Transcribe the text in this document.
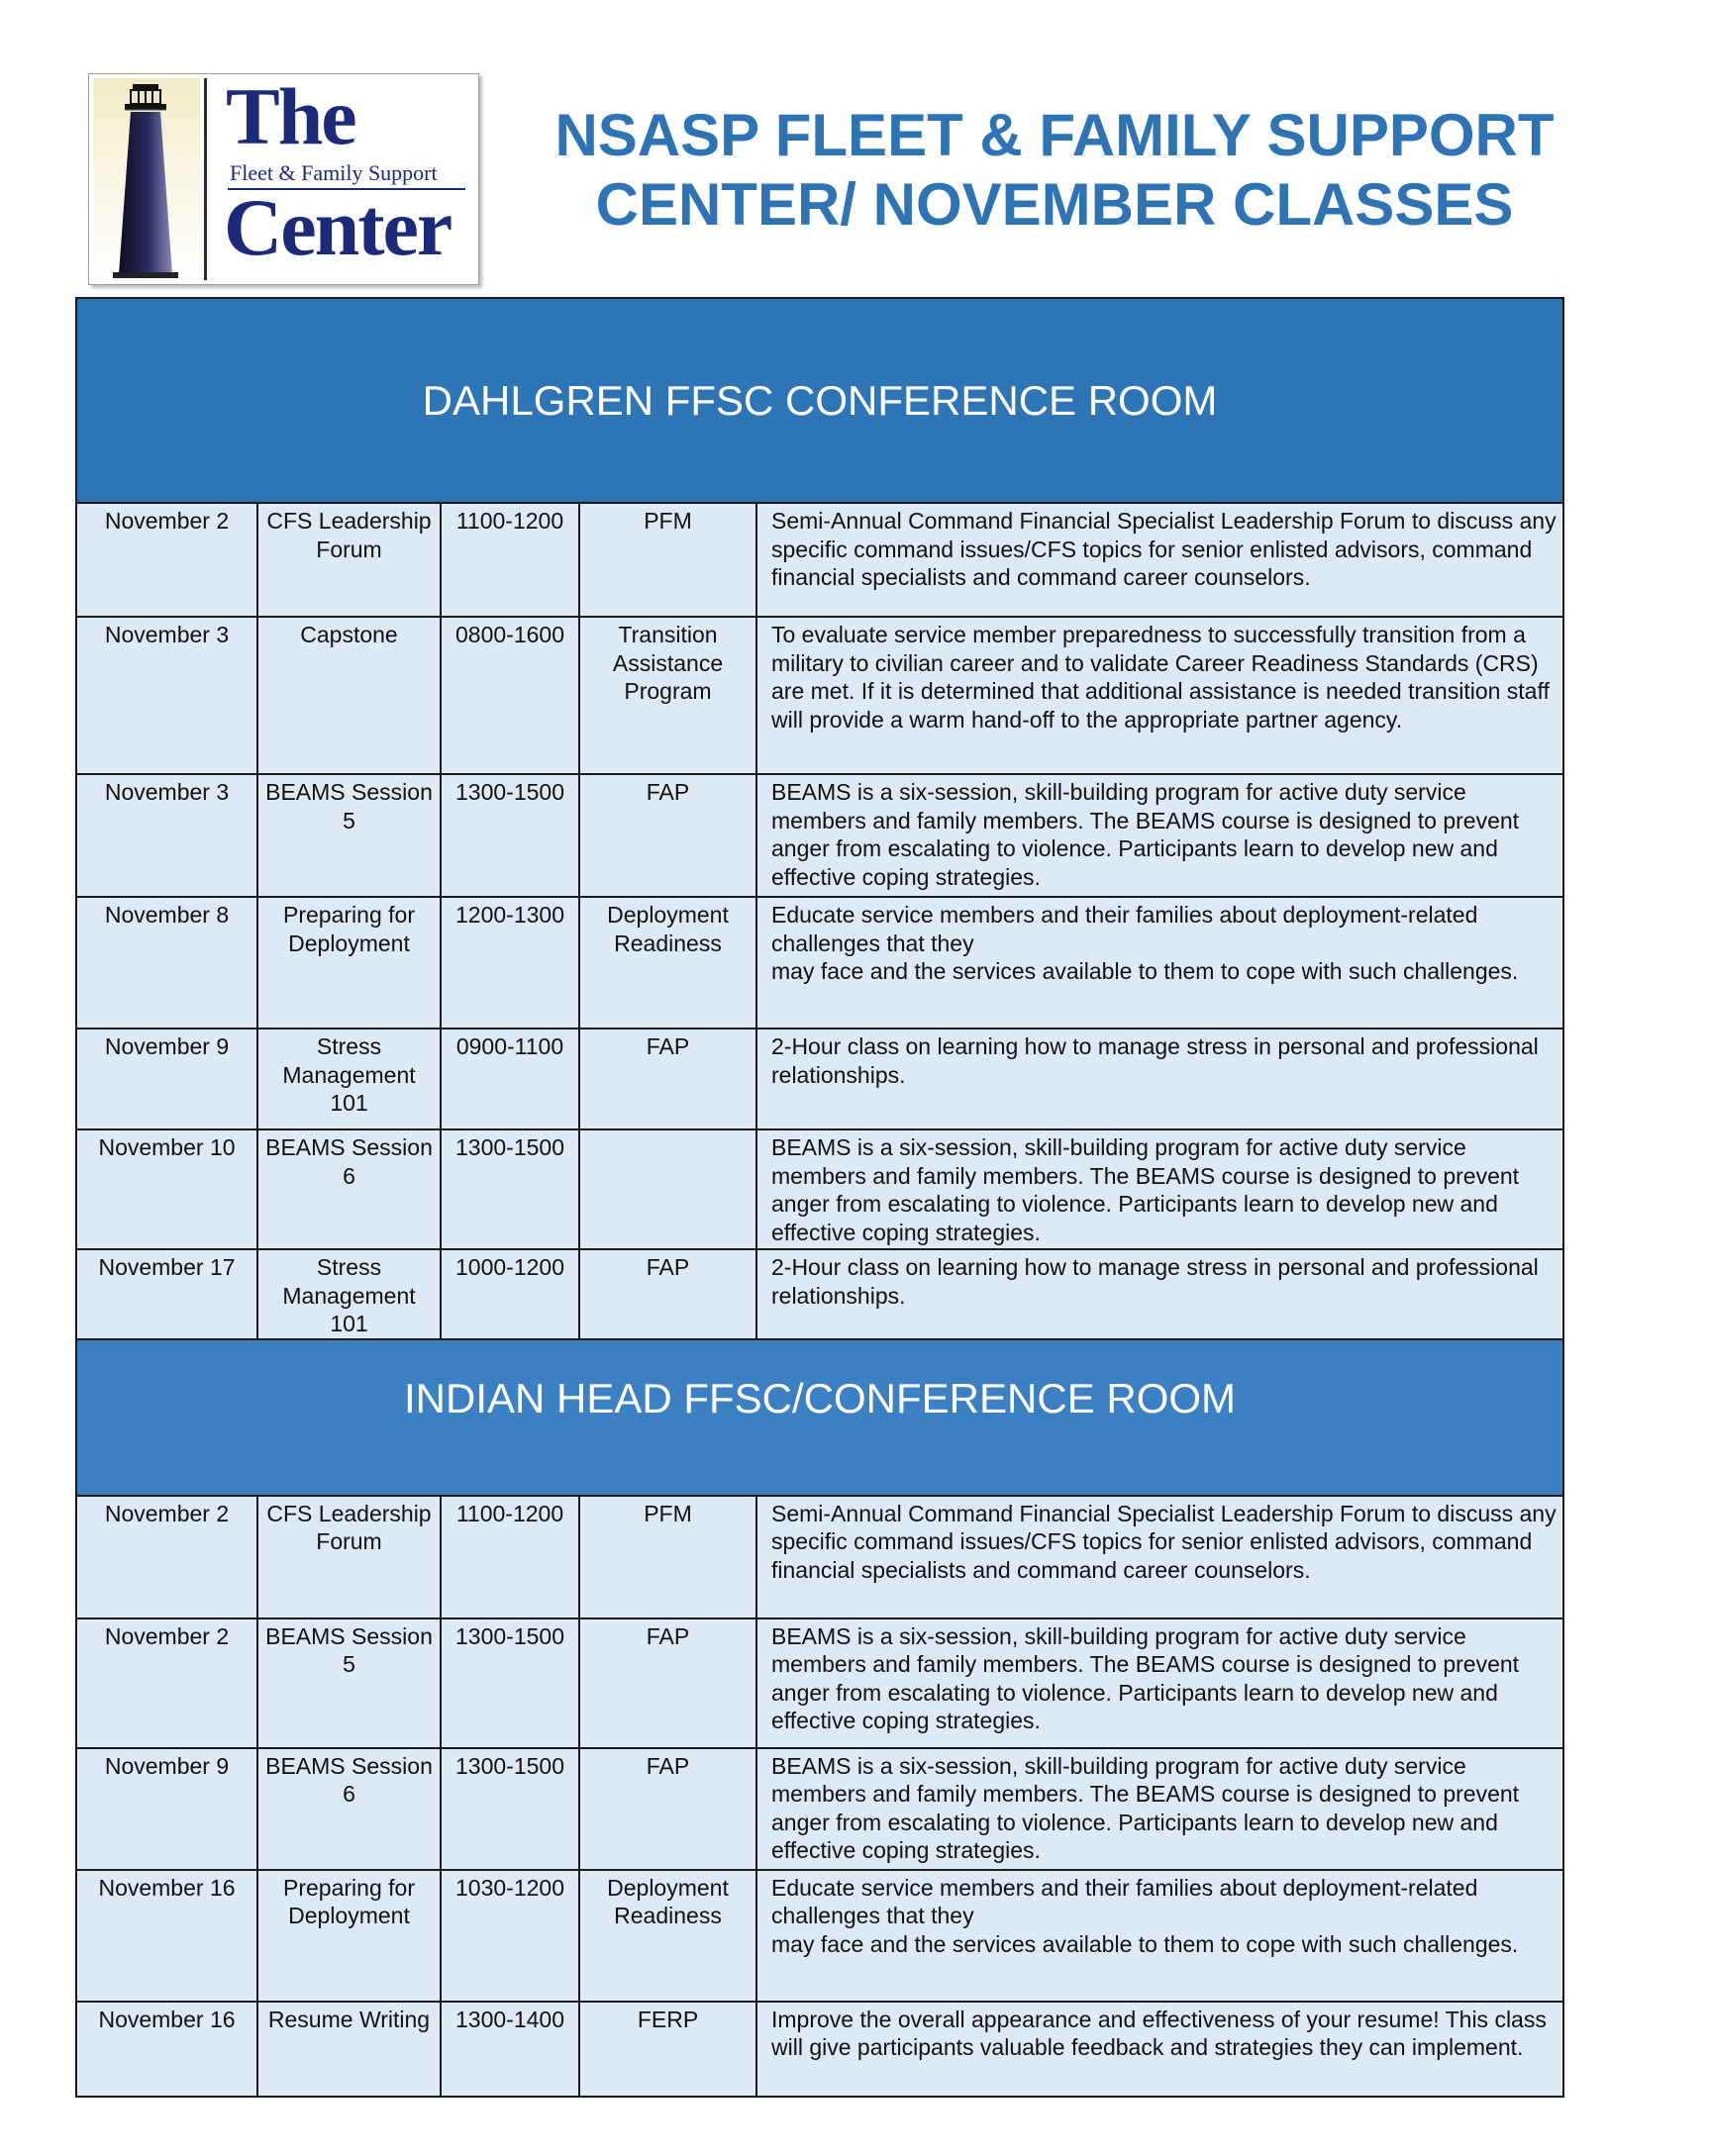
The
Fleet & Family Support
Center
NSASP FLEET & FAMILY SUPPORT
CENTER/ NOVEMBER CLASSES
DAHLGREN FFSC CONFERENCE ROOM				

November 2	CFS Leadership Forum	1100-1200	PFM	Semi-Annual Command Financial Specialist Leadership Forum to discuss any specific command issues/CFS topics for senior enlisted advisors, command financial specialists and command career counselors.
November 3	Capstone	0800-1600	Transition Assistance Program	To evaluate service member preparedness to successfully transition from a military to civilian career and to validate Career Readiness Standards (CRS) are met. If it is determined that additional assistance is needed transition staff will provide a warm hand-off to the appropriate partner agency.
November 3	BEAMS Session 5	1300-1500	FAP	BEAMS is a six-session, skill-building program for active duty service members and family members. The BEAMS course is designed to prevent anger from escalating to violence. Participants learn to develop new and effective coping strategies.
November 8	Preparing for Deployment	1200-1300	Deployment Readiness	Educate service members and their families about deployment-related challenges that they
may face and the services available to them to cope with such challenges.
November 9	Stress Management 101	0900-1100	FAP	2-Hour class on learning how to manage stress in personal and professional relationships.
November 10	BEAMS Session 6	1300-1500		BEAMS is a six-session, skill-building program for active duty service members and family members. The BEAMS course is designed to prevent anger from escalating to violence. Participants learn to develop new and effective coping strategies.
November 17	Stress Management 101	1000-1200	FAP	2-Hour class on learning how to manage stress in personal and professional relationships.

INDIAN HEAD FFSC/CONFERENCE ROOM				

November 2	CFS Leadership Forum	1100-1200	PFM	Semi-Annual Command Financial Specialist Leadership Forum to discuss any specific command issues/CFS topics for senior enlisted advisors, command financial specialists and command career counselors.
November 2	BEAMS Session 5	1300-1500	FAP	BEAMS is a six-session, skill-building program for active duty service members and family members. The BEAMS course is designed to prevent anger from escalating to violence. Participants learn to develop new and effective coping strategies.
November 9	BEAMS Session 6	1300-1500	FAP	BEAMS is a six-session, skill-building program for active duty service members and family members. The BEAMS course is designed to prevent anger from escalating to violence. Participants learn to develop new and effective coping strategies.
November 16	Preparing for Deployment	1030-1200	Deployment Readiness	Educate service members and their families about deployment-related challenges that they
may face and the services available to them to cope with such challenges.
November 16	Resume Writing	1300-1400	FERP	Improve the overall appearance and effectiveness of your resume! This class will give participants valuable feedback and strategies they can implement.
